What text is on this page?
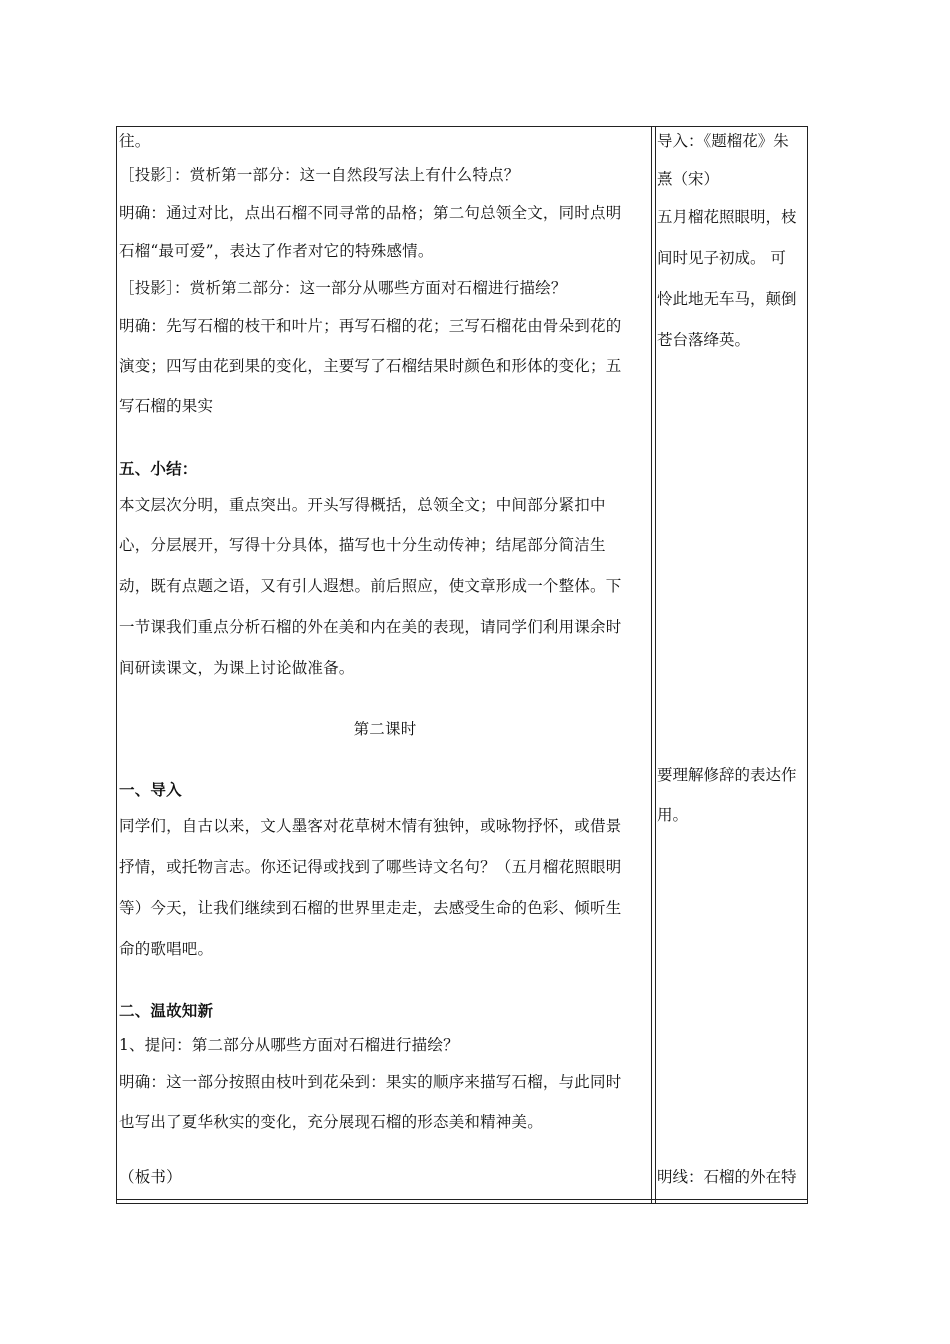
往。
［投影］：赏析第一部分：这一自然段写法上有什么特点？
明确：通过对比，点出石榴不同寻常的品格；第二句总领全文，同时点明
石榴“最可爱”，表达了作者对它的特殊感情。
［投影］：赏析第二部分：这一部分从哪些方面对石榴进行描绘？
明确：先写石榴的枝干和叶片；再写石榴的花；三写石榴花由骨朵到花的
演变；四写由花到果的变化，主要写了石榴结果时颜色和形体的变化；五
写石榴的果实
五、小结：
本文层次分明，重点突出。开头写得概括，总领全文；中间部分紧扣中
心，分层展开，写得十分具体，描写也十分生动传神；结尾部分简洁生
动，既有点题之语，又有引人遐想。前后照应，使文章形成一个整体。下
一节课我们重点分析石榴的外在美和内在美的表现，请同学们利用课余时
间研读课文，为课上讨论做准备。
第二课时
一、导入
同学们，自古以来，文人墨客对花草树木情有独钟，或咏物抒怀，或借景
抒情，或托物言志。你还记得或找到了哪些诗文名句？（五月榴花照眼明
等）今天，让我们继续到石榴的世界里走走，去感受生命的色彩、倾听生
命的歌唱吧。
二、温故知新
1、提问：第二部分从哪些方面对石榴进行描绘？
明确：这一部分按照由枝叶到花朵到：果实的顺序来描写石榴，与此同时
也写出了夏华秋实的变化，充分展现石榴的形态美和精神美。
（板书）
导入：《题榴花》朱
熹（宋）
五月榴花照眼明，枝
间时见子初成。 可
怜此地无车马，颠倒
苍台落绛英。
要理解修辞的表达作
用。
明线：石榴的外在特
